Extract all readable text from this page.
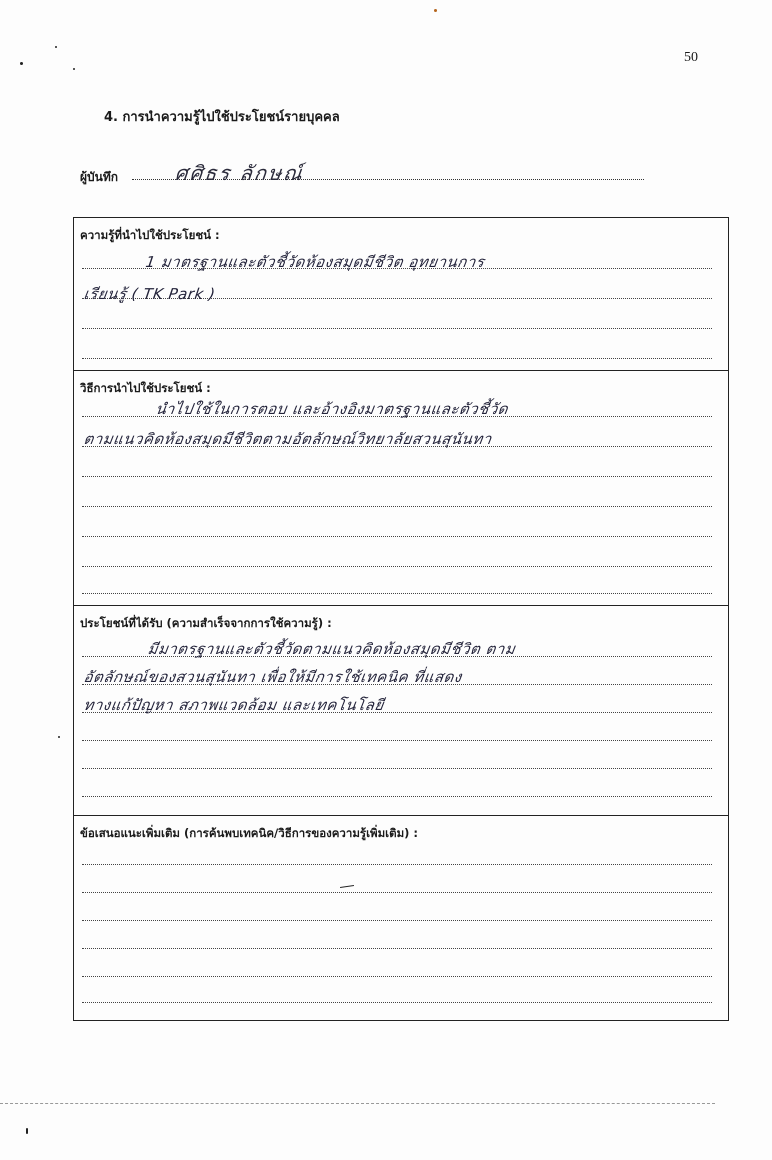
50
4. การนำความรู้ไปใช้ประโยชน์รายบุคคล
ผู้บันทึก	ศศิธร ลักษณ์
ความรู้ที่นำไปใช้ประโยชน์ :
1 มาตรฐานและตัวชี้วัดห้องสมุดมีชีวิต อุทยานการ
เรียนรู้ ( TK Park )
วิธีการนำไปใช้ประโยชน์ :
นำไปใช้ในการตอบ และอ้างอิงมาตรฐานและตัวชี้วัด
ตามแนวคิดห้องสมุดมีชีวิตตามอัตลักษณ์วิทยาลัยสวนสุนันทา
ประโยชน์ที่ได้รับ (ความสำเร็จจากการใช้ความรู้) :
มีมาตรฐานและตัวชี้วัดตามแนวคิดห้องสมุดมีชีวิต ตาม
อัตลักษณ์ของสวนสุนันทา เพื่อให้มีการใช้เทคนิค ที่แสดง
ทางแก้ปัญหา สภาพแวดล้อม และเทคโนโลยี
ข้อเสนอแนะเพิ่มเติม (การค้นพบเทคนิค/วิธีการของความรู้เพิ่มเติม) :
